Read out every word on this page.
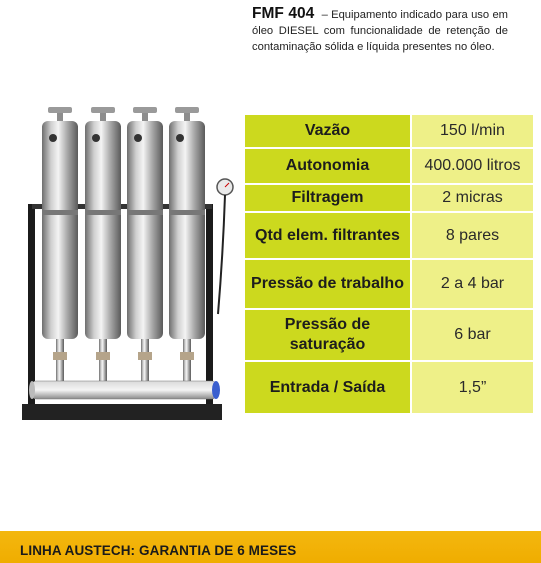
FMF 404 – Equipamento indicado para uso em óleo DIESEL com funcionalidade de retenção de contaminação sólida e líquida presentes no óleo.
Vazão	150 l/min
Autonomia	400.000 litros
Filtragem	2 micras
Qtd elem. filtrantes	8 pares
Pressão de trabalho	2 a 4 bar
Pressão de saturação	6 bar
Entrada / Saída	1,5”
LINHA AUSTECH: GARANTIA DE 6 MESES
